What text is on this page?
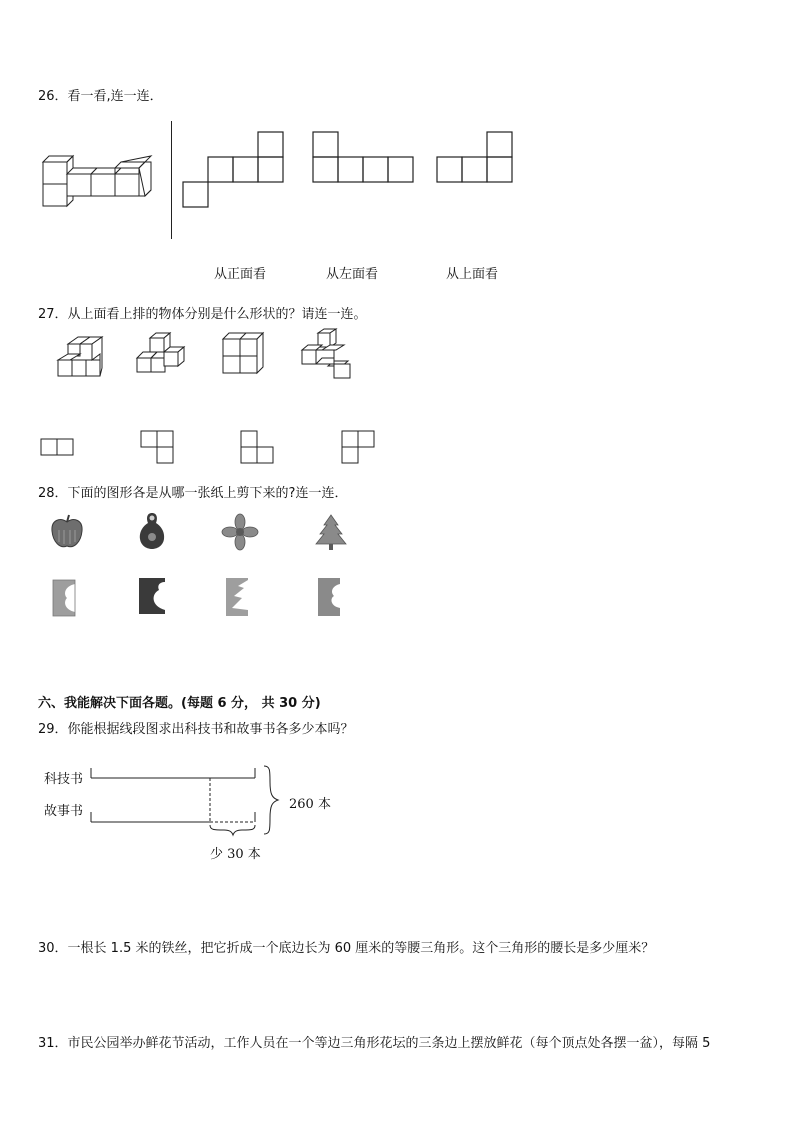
26．看一看,连一连．
从正面看	从左面看	从上面看
27．从上面看上排的物体分别是什么形状的？请连一连。
28．下面的图形各是从哪一张纸上剪下来的?连一连．
六、我能解决下面各题。(每题 6 分， 共 30 分)
29．你能根据线段图求出科技书和故事书各多少本吗？
科技书
故事书	260 本
少 30 本
30．一根长 1.5 米的铁丝，把它折成一个底边长为 60 厘米的等腰三角形。这个三角形的腰长是多少厘米？
31．市民公园举办鲜花节活动，工作人员在一个等边三角形花坛的三条边上摆放鲜花（每个顶点处各摆一盆），每隔 5
